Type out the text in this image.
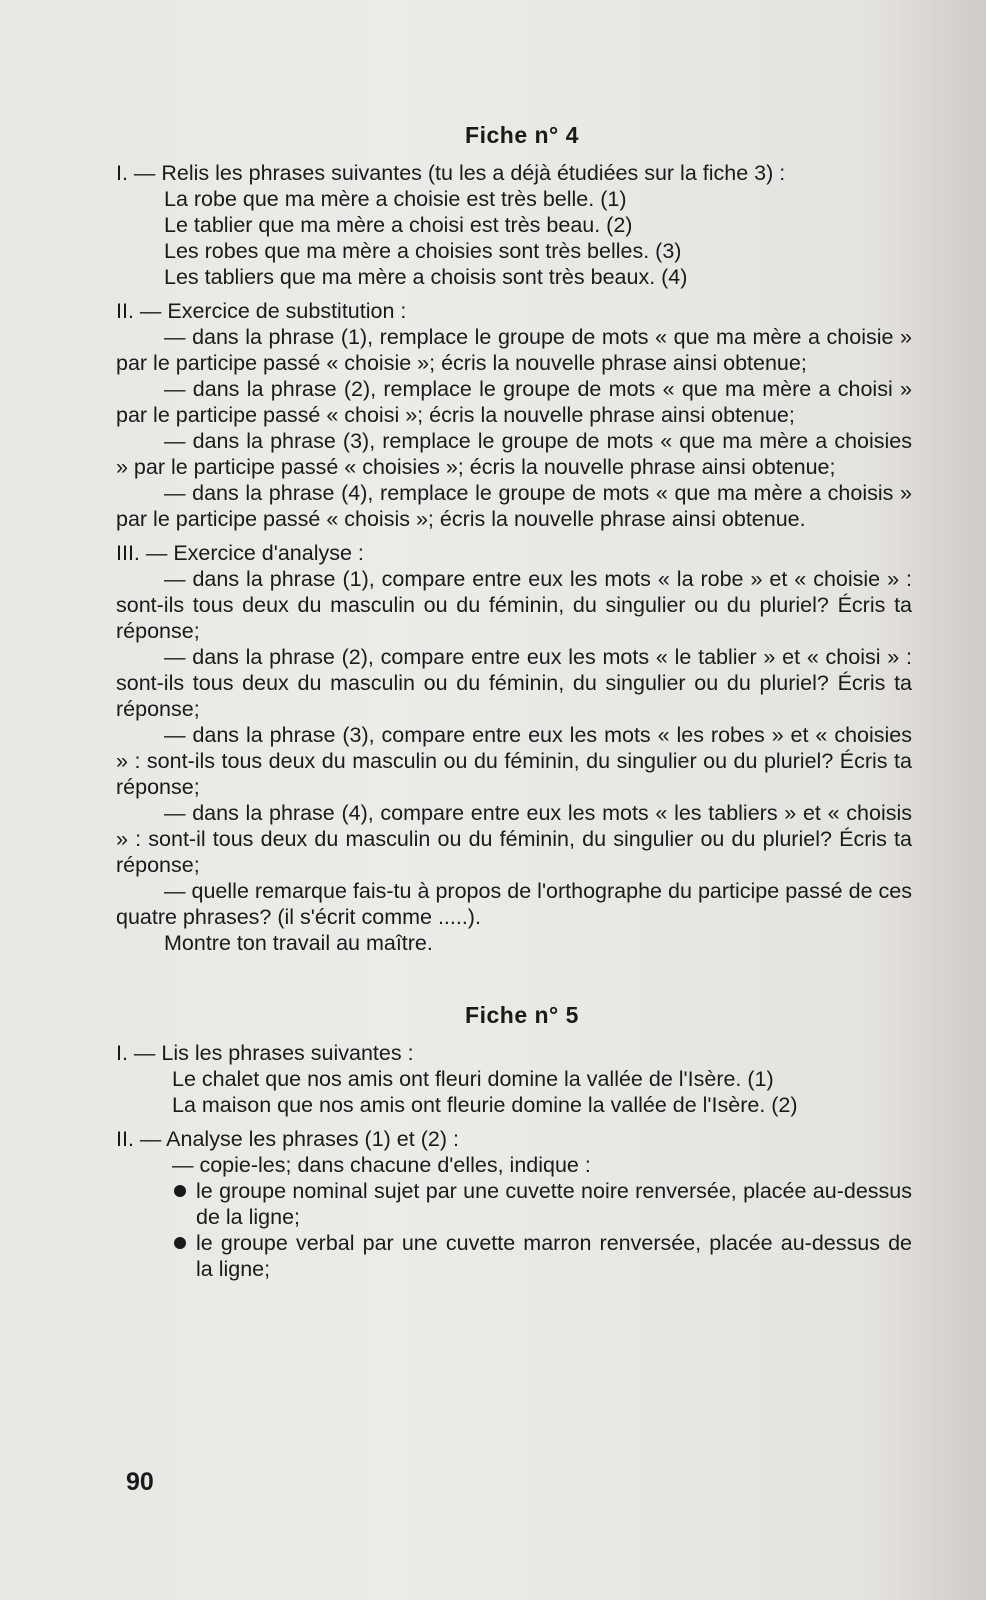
Fiche n° 4

I. — Relis les phrases suivantes (tu les a déjà étudiées sur la fiche 3) :

La robe que ma mère a choisie est très belle. (1)

Le tablier que ma mère a choisi est très beau. (2)

Les robes que ma mère a choisies sont très belles. (3)

Les tabliers que ma mère a choisis sont très beaux. (4)

II. — Exercice de substitution :

— dans la phrase (1), remplace le groupe de mots « que ma mère a choisie » par le participe passé « choisie »; écris la nouvelle phrase ainsi obtenue;

— dans la phrase (2), remplace le groupe de mots « que ma mère a choisi » par le participe passé « choisi »; écris la nouvelle phrase ainsi obtenue;

— dans la phrase (3), remplace le groupe de mots « que ma mère a choisies » par le participe passé « choisies »; écris la nouvelle phrase ainsi obtenue;

— dans la phrase (4), remplace le groupe de mots « que ma mère a choisis » par le participe passé « choisis »; écris la nouvelle phrase ainsi obtenue.

III. — Exercice d'analyse :

— dans la phrase (1), compare entre eux les mots « la robe » et « choisie » : sont-ils tous deux du masculin ou du féminin, du singulier ou du pluriel? Écris ta réponse;

— dans la phrase (2), compare entre eux les mots « le tablier » et « choisi » : sont-ils tous deux du masculin ou du féminin, du singulier ou du pluriel? Écris ta réponse;

— dans la phrase (3), compare entre eux les mots « les robes » et « choisies » : sont-ils tous deux du masculin ou du féminin, du singulier ou du pluriel? Écris ta réponse;

— dans la phrase (4), compare entre eux les mots « les tabliers » et « choisis » : sont-il tous deux du masculin ou du féminin, du singulier ou du pluriel? Écris ta réponse;

— quelle remarque fais-tu à propos de l'orthographe du participe passé de ces quatre phrases? (il s'écrit comme .....).

Montre ton travail au maître.

Fiche n° 5

I. — Lis les phrases suivantes :

Le chalet que nos amis ont fleuri domine la vallée de l'Isère. (1)

La maison que nos amis ont fleurie domine la vallée de l'Isère. (2)

II. — Analyse les phrases (1) et (2) :

— copie-les; dans chacune d'elles, indique :

le groupe nominal sujet par une cuvette noire renversée, placée au-dessus de la ligne;
le groupe verbal par une cuvette marron renversée, placée au-dessus de la ligne;
90
